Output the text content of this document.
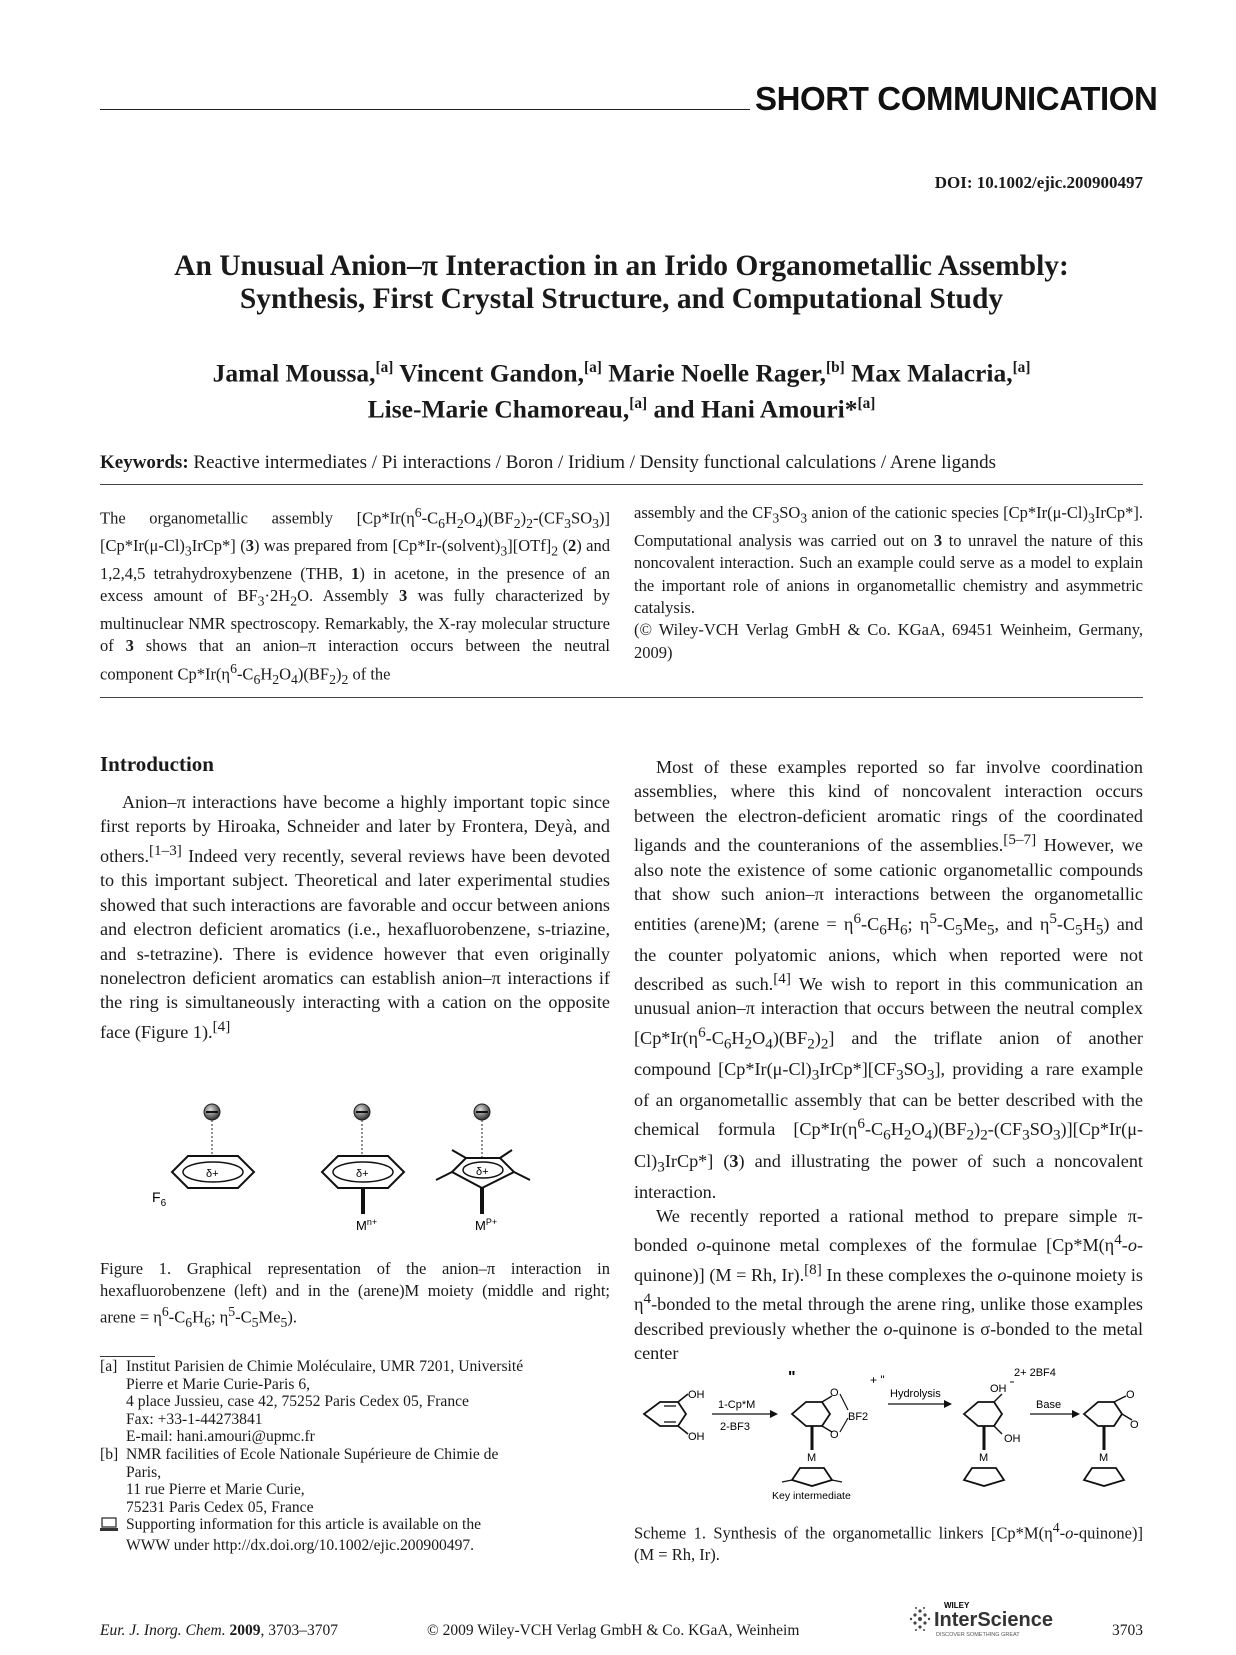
SHORT COMMUNICATION
DOI: 10.1002/ejic.200900497
An Unusual Anion–π Interaction in an Irido Organometallic Assembly:
Synthesis, First Crystal Structure, and Computational Study
Jamal Moussa,[a] Vincent Gandon,[a] Marie Noelle Rager,[b] Max Malacria,[a]
Lise-Marie Chamoreau,[a] and Hani Amouri*[a]
Keywords: Reactive intermediates / Pi interactions / Boron / Iridium / Density functional calculations / Arene ligands

The organometallic assembly $[Cp*Ir(\eta^6-C_6H_2O_4)(BF_2)_2-(CF_3SO_3)][Cp*Ir(\mu-Cl)_3IrCp*]$ (3) was prepared from $[Cp*Ir-(solvent)_3][OTf]_2$ (2) and 1,2,4,5 tetrahydroxybenzene (THB, 1) in acetone, in the presence of an excess amount of $BF_3\cdot 2H_2O$. Assembly 3 was fully characterized by multinuclear NMR spectroscopy. Remarkably, the X-ray molecular structure of 3 shows that an anion–π interaction occurs between the neutral component $Cp*Ir(\eta^6-C_6H_2O_4)(BF_2)_2$ of the

assembly and the $CF_3SO_3$ anion of the cationic species $[Cp*Ir(\mu-Cl)_3IrCp*]$. Computational analysis was carried out on 3 to unravel the nature of this noncovalent interaction. Such an example could serve as a model to explain the important role of anions in organometallic chemistry and asymmetric catalysis.

(© Wiley-VCH Verlag GmbH & Co. KGaA, 69451 Weinheim, Germany, 2009)

Introduction

Anion–π interactions have become a highly important topic since first reports by Hiroaka, Schneider and later by Frontera, Deyà, and others.[1–3] Indeed very recently, several reviews have been devoted to this important subject. Theoretical and later experimental studies showed that such interactions are favorable and occur between anions and electron deficient aromatics (i.e., hexafluorobenzene, s-triazine, and s-tetrazine). There is evidence however that even originally nonelectron deficient aromatics can establish anion–π interactions if the ring is simultaneously interacting with a cation on the opposite face (Figure 1).[4]

δ+
$F_6$
δ+
$M^{n+}$
δ+
$M^{P+}$
Figure 1. Graphical representation of the anion–π interaction in hexafluorobenzene (left) and in the (arene)M moiety (middle and right; arene = $\eta^6-C_6H_6$; $\eta^5-C_5Me_5$).

Most of these examples reported so far involve coordination assemblies, where this kind of noncovalent interaction occurs between the electron-deficient aromatic rings of the coordinated ligands and the counteranions of the assemblies.[5–7] However, we also note the existence of some cationic organometallic compounds that show such anion–π interactions between the organometallic entities (arene)M; (arene = $\eta^6-C_6H_6$; $\eta^5-C_5Me_5$, and $\eta^5-C_5H_5$) and the counter polyatomic anions, which when reported were not described as such.[4] We wish to report in this communication an unusual anion–π interaction that occurs between the neutral complex $[Cp*Ir(\eta^6-C_6H_2O_4)(BF_2)_2]$ and the triflate anion of another compound $[Cp*Ir(\mu-Cl)_3IrCp*][CF_3SO_3]$, providing a rare example of an organometallic assembly that can be better described with the chemical formula $[Cp*Ir(\eta^6-C_6H_2O_4)(BF_2)_2-(CF_3SO_3)][Cp*Ir(\mu-Cl)_3IrCp*]$ (3) and illustrating the power of such a noncovalent interaction.

We recently reported a rational method to prepare simple π-bonded o-quinone metal complexes of the formulae $[Cp*M(\eta^4-o-quinone)] (M = Rh$, Ir).[8] In these complexes the o-quinone moiety is $\eta^4$-bonded to the metal through the arene ring, unlike those examples described previously whether the o-quinone is σ-bonded to the metal center

OH
OH
1-Cp*M
2-BF3
"
O
O
BF2
+ "
M
Key intermediate
Hydrolysis	OH
OH
2+ 2BF4
M
Base
O
O
M
Scheme 1. Synthesis of the organometallic linkers $[Cp*M(\eta^4-o-quinone)] (M = Rh$, Ir).
[a] Institut Parisien de Chimie Moléculaire, UMR 7201, Université
Pierre et Marie Curie-Paris 6,
4 place Jussieu, case 42, 75252 Paris Cedex 05, France
Fax: +33-1-44273841
E-mail: hani.amouri@upmc.fr
[b] NMR facilities of Ecole Nationale Supérieure de Chimie de
Paris,
11 rue Pierre et Marie Curie,
75231 Paris Cedex 05, France
Supporting information for this article is available on the
WWW under http://dx.doi.org/10.1002/ejic.200900497.
Eur. J. Inorg. Chem. 2009, 3703–3707	© 2009 Wiley-VCH Verlag GmbH & Co. KGaA, Weinheim
WILEY
InterScience
DISCOVER SOMETHING GREAT	3703
